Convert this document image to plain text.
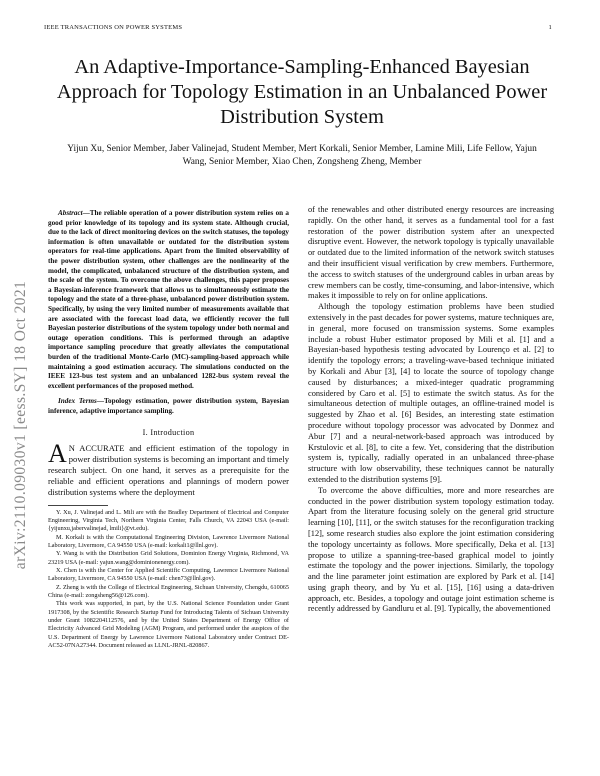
IEEE TRANSACTIONS ON POWER SYSTEMS	1
arXiv:2110.09030v1 [eess.SY] 18 Oct 2021
An Adaptive-Importance-Sampling-Enhanced Bayesian Approach for Topology Estimation in an Unbalanced Power Distribution System
Yijun Xu, Senior Member, Jaber Valinejad, Student Member, Mert Korkali, Senior Member, Lamine Mili, Life Fellow, Yajun Wang, Senior Member, Xiao Chen, Zongsheng Zheng, Member

Abstract—The reliable operation of a power distribution system relies on a good prior knowledge of its topology and its system state. Although crucial, due to the lack of direct monitoring devices on the switch statuses, the topology information is often unavailable or outdated for the distribution system operators for real-time applications. Apart from the limited observability of the power distribution system, other challenges are the nonlinearity of the model, the complicated, unbalanced structure of the distribution system, and the scale of the system. To overcome the above challenges, this paper proposes a Bayesian-inference framework that allows us to simultaneously estimate the topology and the state of a three-phase, unbalanced power distribution system. Specifically, by using the very limited number of measurements available that are associated with the forecast load data, we efficiently recover the full Bayesian posterior distributions of the system topology under both normal and outage operation conditions. This is performed through an adaptive importance sampling procedure that greatly alleviates the computational burden of the traditional Monte-Carlo (MC)-sampling-based approach while maintaining a good estimation accuracy. The simulations conducted on the IEEE 123-bus test system and an unbalanced 1282-bus system reveal the excellent performances of the proposed method.

Index Terms—Topology estimation, power distribution system, Bayesian inference, adaptive importance sampling.

I. Introduction

A N ACCURATE and efficient estimation of the topology in power distribution systems is becoming an important and timely research subject. On one hand, it serves as a prerequisite for the reliable and efficient operations and plannings of modern power distribution systems where the deployment

Y. Xu, J. Valinejad and L. Mili are with the Bradley Department of Electrical and Computer Engineering, Virginia Tech, Northern Virginia Center, Falls Church, VA 22043 USA (e-mail: {yijunxu,jabervalinejad, lmili}@vt.edu).

M. Korkali is with the Computational Engineering Division, Lawrence Livermore National Laboratory, Livermore, CA 94550 USA (e-mail: korkali1@llnl.gov).

Y. Wang is with the Distribution Grid Solutions, Dominion Energy Virginia, Richmond, VA 23219 USA (e-mail: yajun.wang@dominionenergy.com).

X. Chen is with the Center for Applied Scientific Computing, Lawrence Livermore National Laboratory, Livermore, CA 94550 USA (e-mail: chen73@llnl.gov).

Z. Zheng is with the College of Electrical Engineering, Sichuan University, Chengdu, 610065 China (e-mail: zongsheng56@126.com).

This work was supported, in part, by the U.S. National Science Foundation under Grant 1917308, by the Scientific Research Startup Fund for Introducing Talents of Sichuan University under Grant 1082204112576, and by the United States Department of Energy Office of Electricity Advanced Grid Modeling (AGM) Program, and performed under the auspices of the U.S. Department of Energy by Lawrence Livermore National Laboratory under Contract DE-AC52-07NA27344. Document released as LLNL-JRNL-820867.

of the renewables and other distributed energy resources are increasing rapidly. On the other hand, it serves as a fundamental tool for a fast restoration of the power distribution system after an unexpected disruptive event. However, the network topology is typically unavailable or outdated due to the limited information of the network switch statuses and their insufficient visual verification by crew members. Furthermore, the access to switch statuses of the underground cables in urban areas by crew members can be costly, time-consuming, and labor-intensive, which makes it impossible to rely on for online applications.

Although the topology estimation problems have been studied extensively in the past decades for power systems, mature techniques are, in general, more focused on transmission systems. Some examples include a robust Huber estimator proposed by Mili et al. [1] and a Bayesian-based hypothesis testing advocated by Lourenço et al. [2] to identify the topology errors; a traveling-wave-based technique initiated by Korkali and Abur [3], [4] to locate the source of topology change caused by disturbances; a mixed-integer quadratic programming considered by Caro et al. [5] to estimate the switch status. As for the simultaneous detection of multiple outages, an offline-trained model is suggested by Zhao et al. [6] Besides, an interesting state estimation procedure without topology processor was advocated by Donmez and Abur [7] and a neural-network-based approach was introduced by Krstulovic et al. [8], to cite a few. Yet, considering that the distribution system is, typically, radially operated in an unbalanced three-phase structure with low observability, these techniques cannot be naturally extended to the distribution systems [9].

To overcome the above difficulties, more and more researches are conducted in the power distribution system topology estimation today. Apart from the literature focusing solely on the general grid structure learning [10], [11], or the switch statuses for the reconfiguration tracking [12], some research studies also explore the joint estimation considering the topology uncertainty as follows. More specifically, Deka et al. [13] propose to utilize a spanning-tree-based graphical model to jointly estimate the topology and the power injections. Similarly, the topology and the line parameter joint estimation are explored by Park et al. [14] using graph theory, and by Yu et al. [15], [16] using a data-driven approach, etc. Besides, a topology and outage joint estimation scheme is recently addressed by Gandluru et al. [9]. Typically, the abovementioned
